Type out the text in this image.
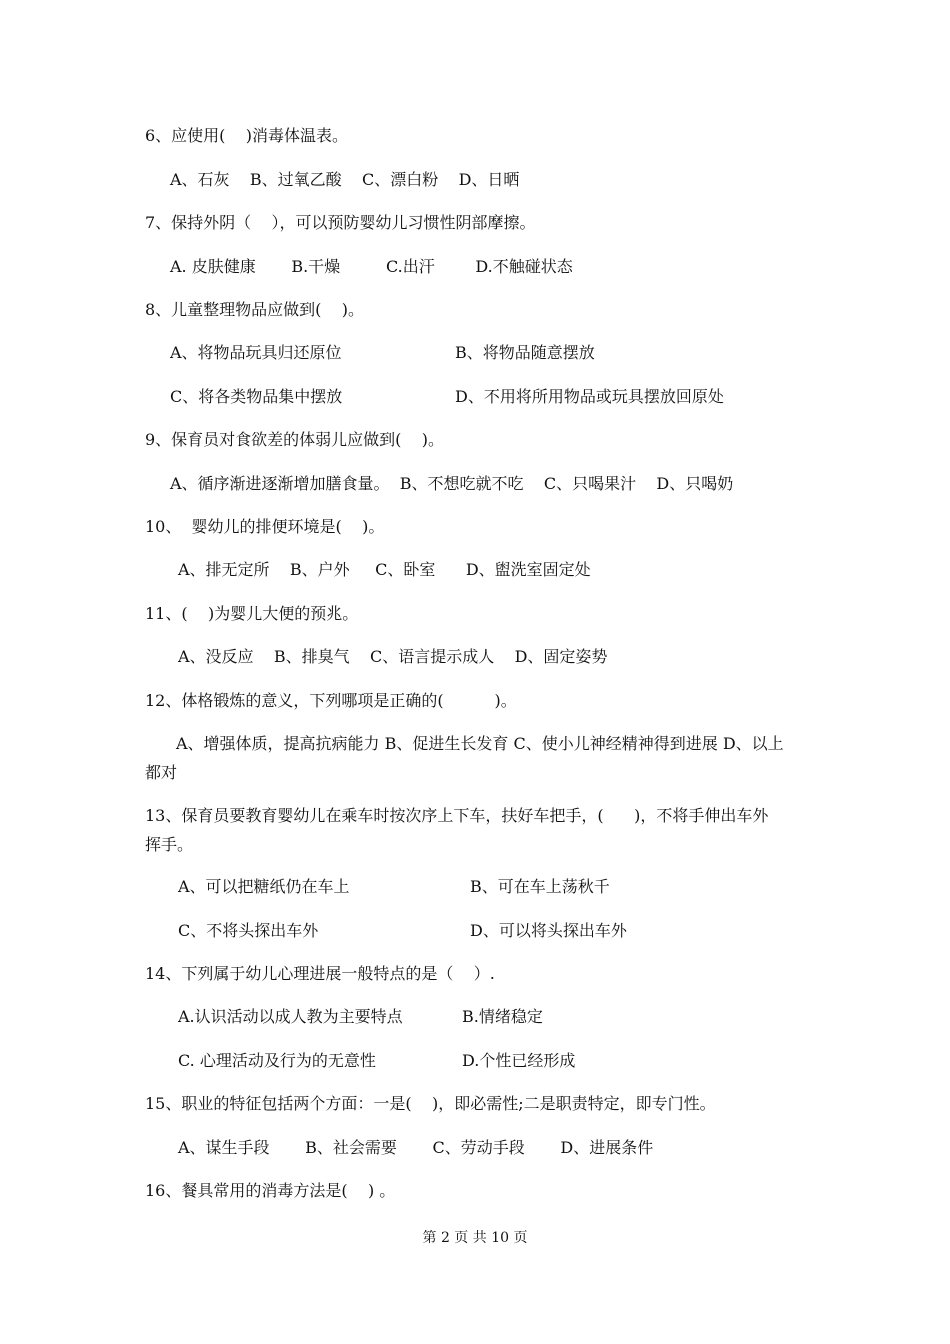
6、应使用(    )消毒体温表。
A、石灰    B、过氧乙酸    C、漂白粉    D、日晒
7、保持外阴（    ），可以预防婴幼儿习惯性阴部摩擦。
A. 皮肤健康       B.干燥         C.出汗        D.不触碰状态
8、儿童整理物品应做到(    )。
A、将物品玩具归还原位	B、将物品随意摆放
C、将各类物品集中摆放	D、不用将所用物品或玩具摆放回原处
9、保育员对食欲差的体弱儿应做到(    )。
A、循序渐进逐渐增加膳食量。  B、不想吃就不吃    C、只喝果汁    D、只喝奶
10、  婴幼儿的排便环境是(    )。
A、排无定所    B、户外     C、卧室      D、盥洗室固定处
11、(    )为婴儿大便的预兆。
A、没反应    B、排臭气    C、语言提示成人    D、固定姿势
12、体格锻炼的意义，下列哪项是正确的(          )。
A、增强体质，提高抗病能力 B、促进生长发育 C、使小儿神经精神得到进展 D、以上
都对
13、保育员要教育婴幼儿在乘车时按次序上下车，扶好车把手，(      )，不将手伸出车外
挥手。
A、可以把糖纸仍在车上	B、可在车上荡秋千
C、不将头探出车外	D、可以将头探出车外
14、下列属于幼儿心理进展一般特点的是（    ）.
A.认识活动以成人教为主要特点	B.情绪稳定
C. 心理活动及行为的无意性	D.个性已经形成
15、职业的特征包括两个方面：一是(    )，即必需性;二是职责特定，即专门性。
A、谋生手段       B、社会需要       C、劳动手段       D、进展条件
16、餐具常用的消毒方法是(    ) 。
第 2 页 共 10 页
